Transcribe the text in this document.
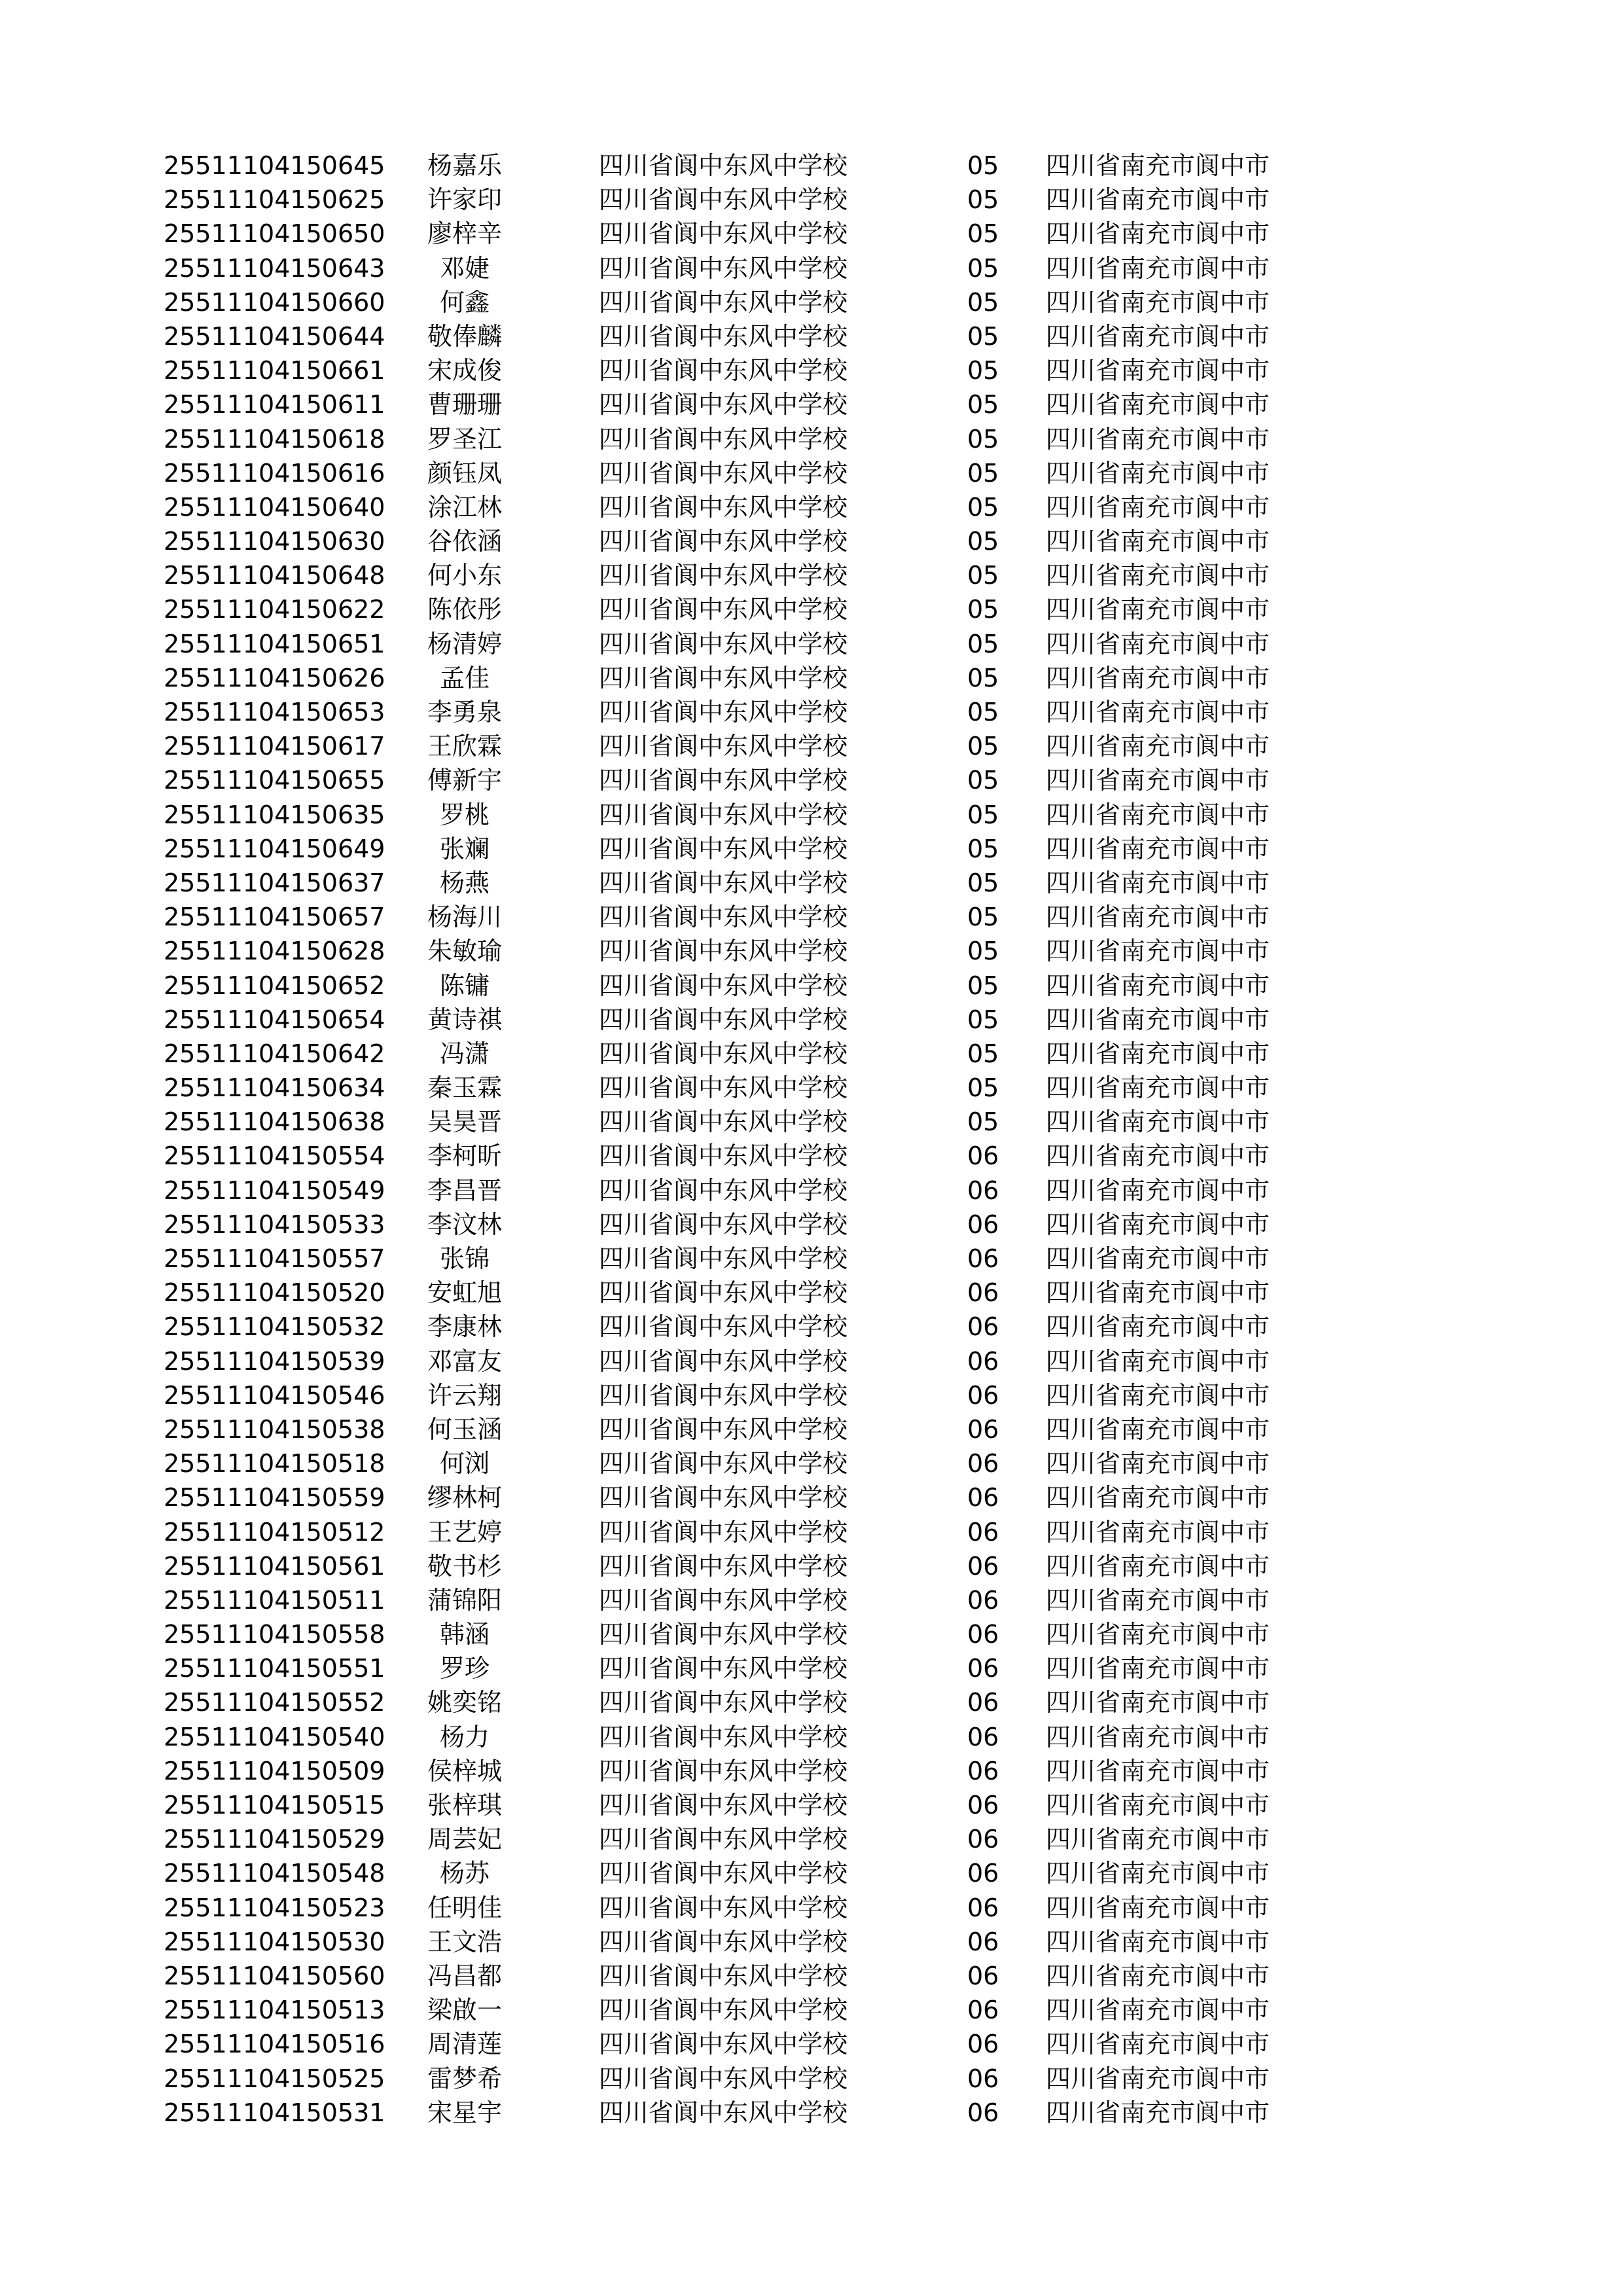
25511104150645	杨嘉乐	四川省阆中东风中学校	05 四川省南充市阆中市
25511104150625	许家印	四川省阆中东风中学校	05 四川省南充市阆中市
25511104150650	廖梓辛	四川省阆中东风中学校	05 四川省南充市阆中市
25511104150643	邓婕	四川省阆中东风中学校	05 四川省南充市阆中市
25511104150660	何鑫	四川省阆中东风中学校	05 四川省南充市阆中市
25511104150644	敬俸麟	四川省阆中东风中学校	05 四川省南充市阆中市
25511104150661	宋成俊	四川省阆中东风中学校	05 四川省南充市阆中市
25511104150611	曹珊珊	四川省阆中东风中学校	05 四川省南充市阆中市
25511104150618	罗圣江	四川省阆中东风中学校	05 四川省南充市阆中市
25511104150616	颜钰凤	四川省阆中东风中学校	05 四川省南充市阆中市
25511104150640	涂江林	四川省阆中东风中学校	05 四川省南充市阆中市
25511104150630	谷依涵	四川省阆中东风中学校	05 四川省南充市阆中市
25511104150648	何小东	四川省阆中东风中学校	05 四川省南充市阆中市
25511104150622	陈依彤	四川省阆中东风中学校	05 四川省南充市阆中市
25511104150651	杨清婷	四川省阆中东风中学校	05 四川省南充市阆中市
25511104150626	孟佳	四川省阆中东风中学校	05 四川省南充市阆中市
25511104150653	李勇泉	四川省阆中东风中学校	05 四川省南充市阆中市
25511104150617	王欣霖	四川省阆中东风中学校	05 四川省南充市阆中市
25511104150655	傅新宇	四川省阆中东风中学校	05 四川省南充市阆中市
25511104150635	罗桃	四川省阆中东风中学校	05 四川省南充市阆中市
25511104150649	张斓	四川省阆中东风中学校	05 四川省南充市阆中市
25511104150637	杨燕	四川省阆中东风中学校	05 四川省南充市阆中市
25511104150657	杨海川	四川省阆中东风中学校	05 四川省南充市阆中市
25511104150628	朱敏瑜	四川省阆中东风中学校	05 四川省南充市阆中市
25511104150652	陈镛	四川省阆中东风中学校	05 四川省南充市阆中市
25511104150654	黄诗祺	四川省阆中东风中学校	05 四川省南充市阆中市
25511104150642	冯潇	四川省阆中东风中学校	05 四川省南充市阆中市
25511104150634	秦玉霖	四川省阆中东风中学校	05 四川省南充市阆中市
25511104150638	吴昊晋	四川省阆中东风中学校	05 四川省南充市阆中市
25511104150554	李柯昕	四川省阆中东风中学校	06 四川省南充市阆中市
25511104150549	李昌晋	四川省阆中东风中学校	06 四川省南充市阆中市
25511104150533	李汶林	四川省阆中东风中学校	06 四川省南充市阆中市
25511104150557	张锦	四川省阆中东风中学校	06 四川省南充市阆中市
25511104150520	安虹旭	四川省阆中东风中学校	06 四川省南充市阆中市
25511104150532	李康林	四川省阆中东风中学校	06 四川省南充市阆中市
25511104150539	邓富友	四川省阆中东风中学校	06 四川省南充市阆中市
25511104150546	许云翔	四川省阆中东风中学校	06 四川省南充市阆中市
25511104150538	何玉涵	四川省阆中东风中学校	06 四川省南充市阆中市
25511104150518	何浏	四川省阆中东风中学校	06 四川省南充市阆中市
25511104150559	缪林柯	四川省阆中东风中学校	06 四川省南充市阆中市
25511104150512	王艺婷	四川省阆中东风中学校	06 四川省南充市阆中市
25511104150561	敬书杉	四川省阆中东风中学校	06 四川省南充市阆中市
25511104150511	蒲锦阳	四川省阆中东风中学校	06 四川省南充市阆中市
25511104150558	韩涵	四川省阆中东风中学校	06 四川省南充市阆中市
25511104150551	罗珍	四川省阆中东风中学校	06 四川省南充市阆中市
25511104150552	姚奕铭	四川省阆中东风中学校	06 四川省南充市阆中市
25511104150540	杨力	四川省阆中东风中学校	06 四川省南充市阆中市
25511104150509	侯梓城	四川省阆中东风中学校	06 四川省南充市阆中市
25511104150515	张梓琪	四川省阆中东风中学校	06 四川省南充市阆中市
25511104150529	周芸妃	四川省阆中东风中学校	06 四川省南充市阆中市
25511104150548	杨苏	四川省阆中东风中学校	06 四川省南充市阆中市
25511104150523	任明佳	四川省阆中东风中学校	06 四川省南充市阆中市
25511104150530	王文浩	四川省阆中东风中学校	06 四川省南充市阆中市
25511104150560	冯昌都	四川省阆中东风中学校	06 四川省南充市阆中市
25511104150513	梁啟一	四川省阆中东风中学校	06 四川省南充市阆中市
25511104150516	周清莲	四川省阆中东风中学校	06 四川省南充市阆中市
25511104150525	雷梦希	四川省阆中东风中学校	06 四川省南充市阆中市
25511104150531	宋星宇	四川省阆中东风中学校	06 四川省南充市阆中市
